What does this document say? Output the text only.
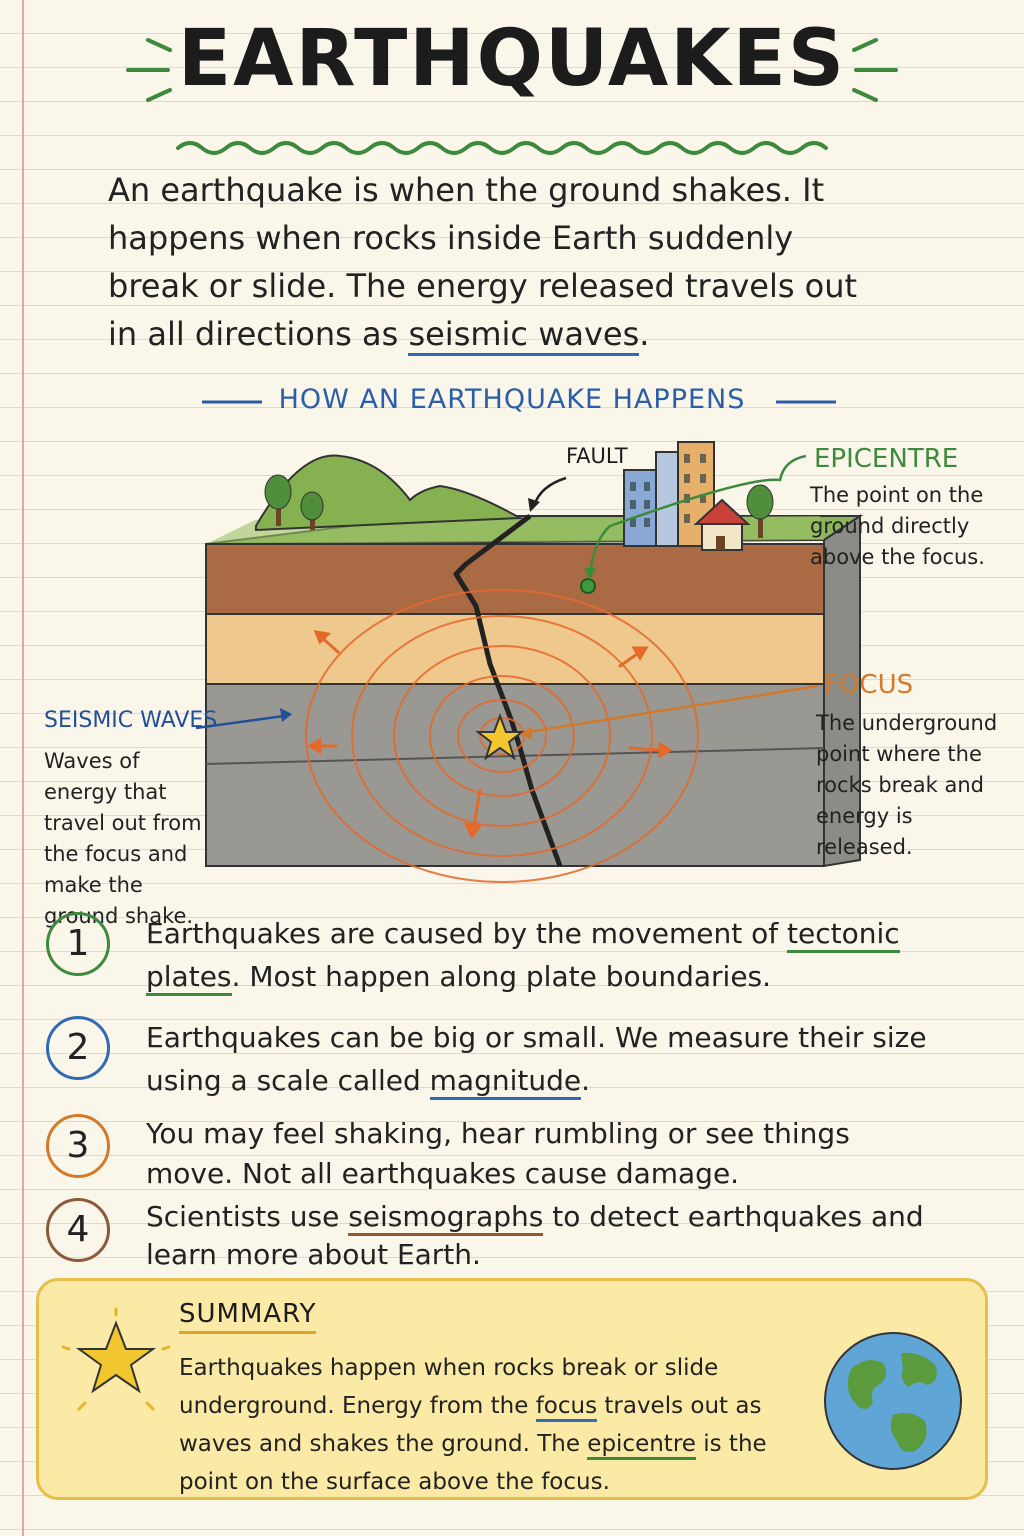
EARTHQUAKES

An earthquake is when the ground shakes. It happens when rocks inside Earth suddenly break or slide. The energy released travels out in all directions as seismic waves.

HOW AN EARTHQUAKE HAPPENS
FAULT	EPICENTRE
The point on the ground directly above the focus.
FOCUS
The underground point where the rocks break and energy is released.
SEISMIC WAVES
Waves of energy that travel out from the focus and make the ground shake.
1	Earthquakes are caused by the movement of tectonic plates. Most happen along plate boundaries.
2	Earthquakes can be big or small. We measure their size using a scale called magnitude.
3	You may feel shaking, hear rumbling or see things move. Not all earthquakes cause damage.
4	Scientists use seismographs to detect earthquakes and learn more about Earth.
SUMMARY
Earthquakes happen when rocks break or slide underground. Energy from the focus travels out as waves and shakes the ground. The epicentre is the point on the surface above the focus.
